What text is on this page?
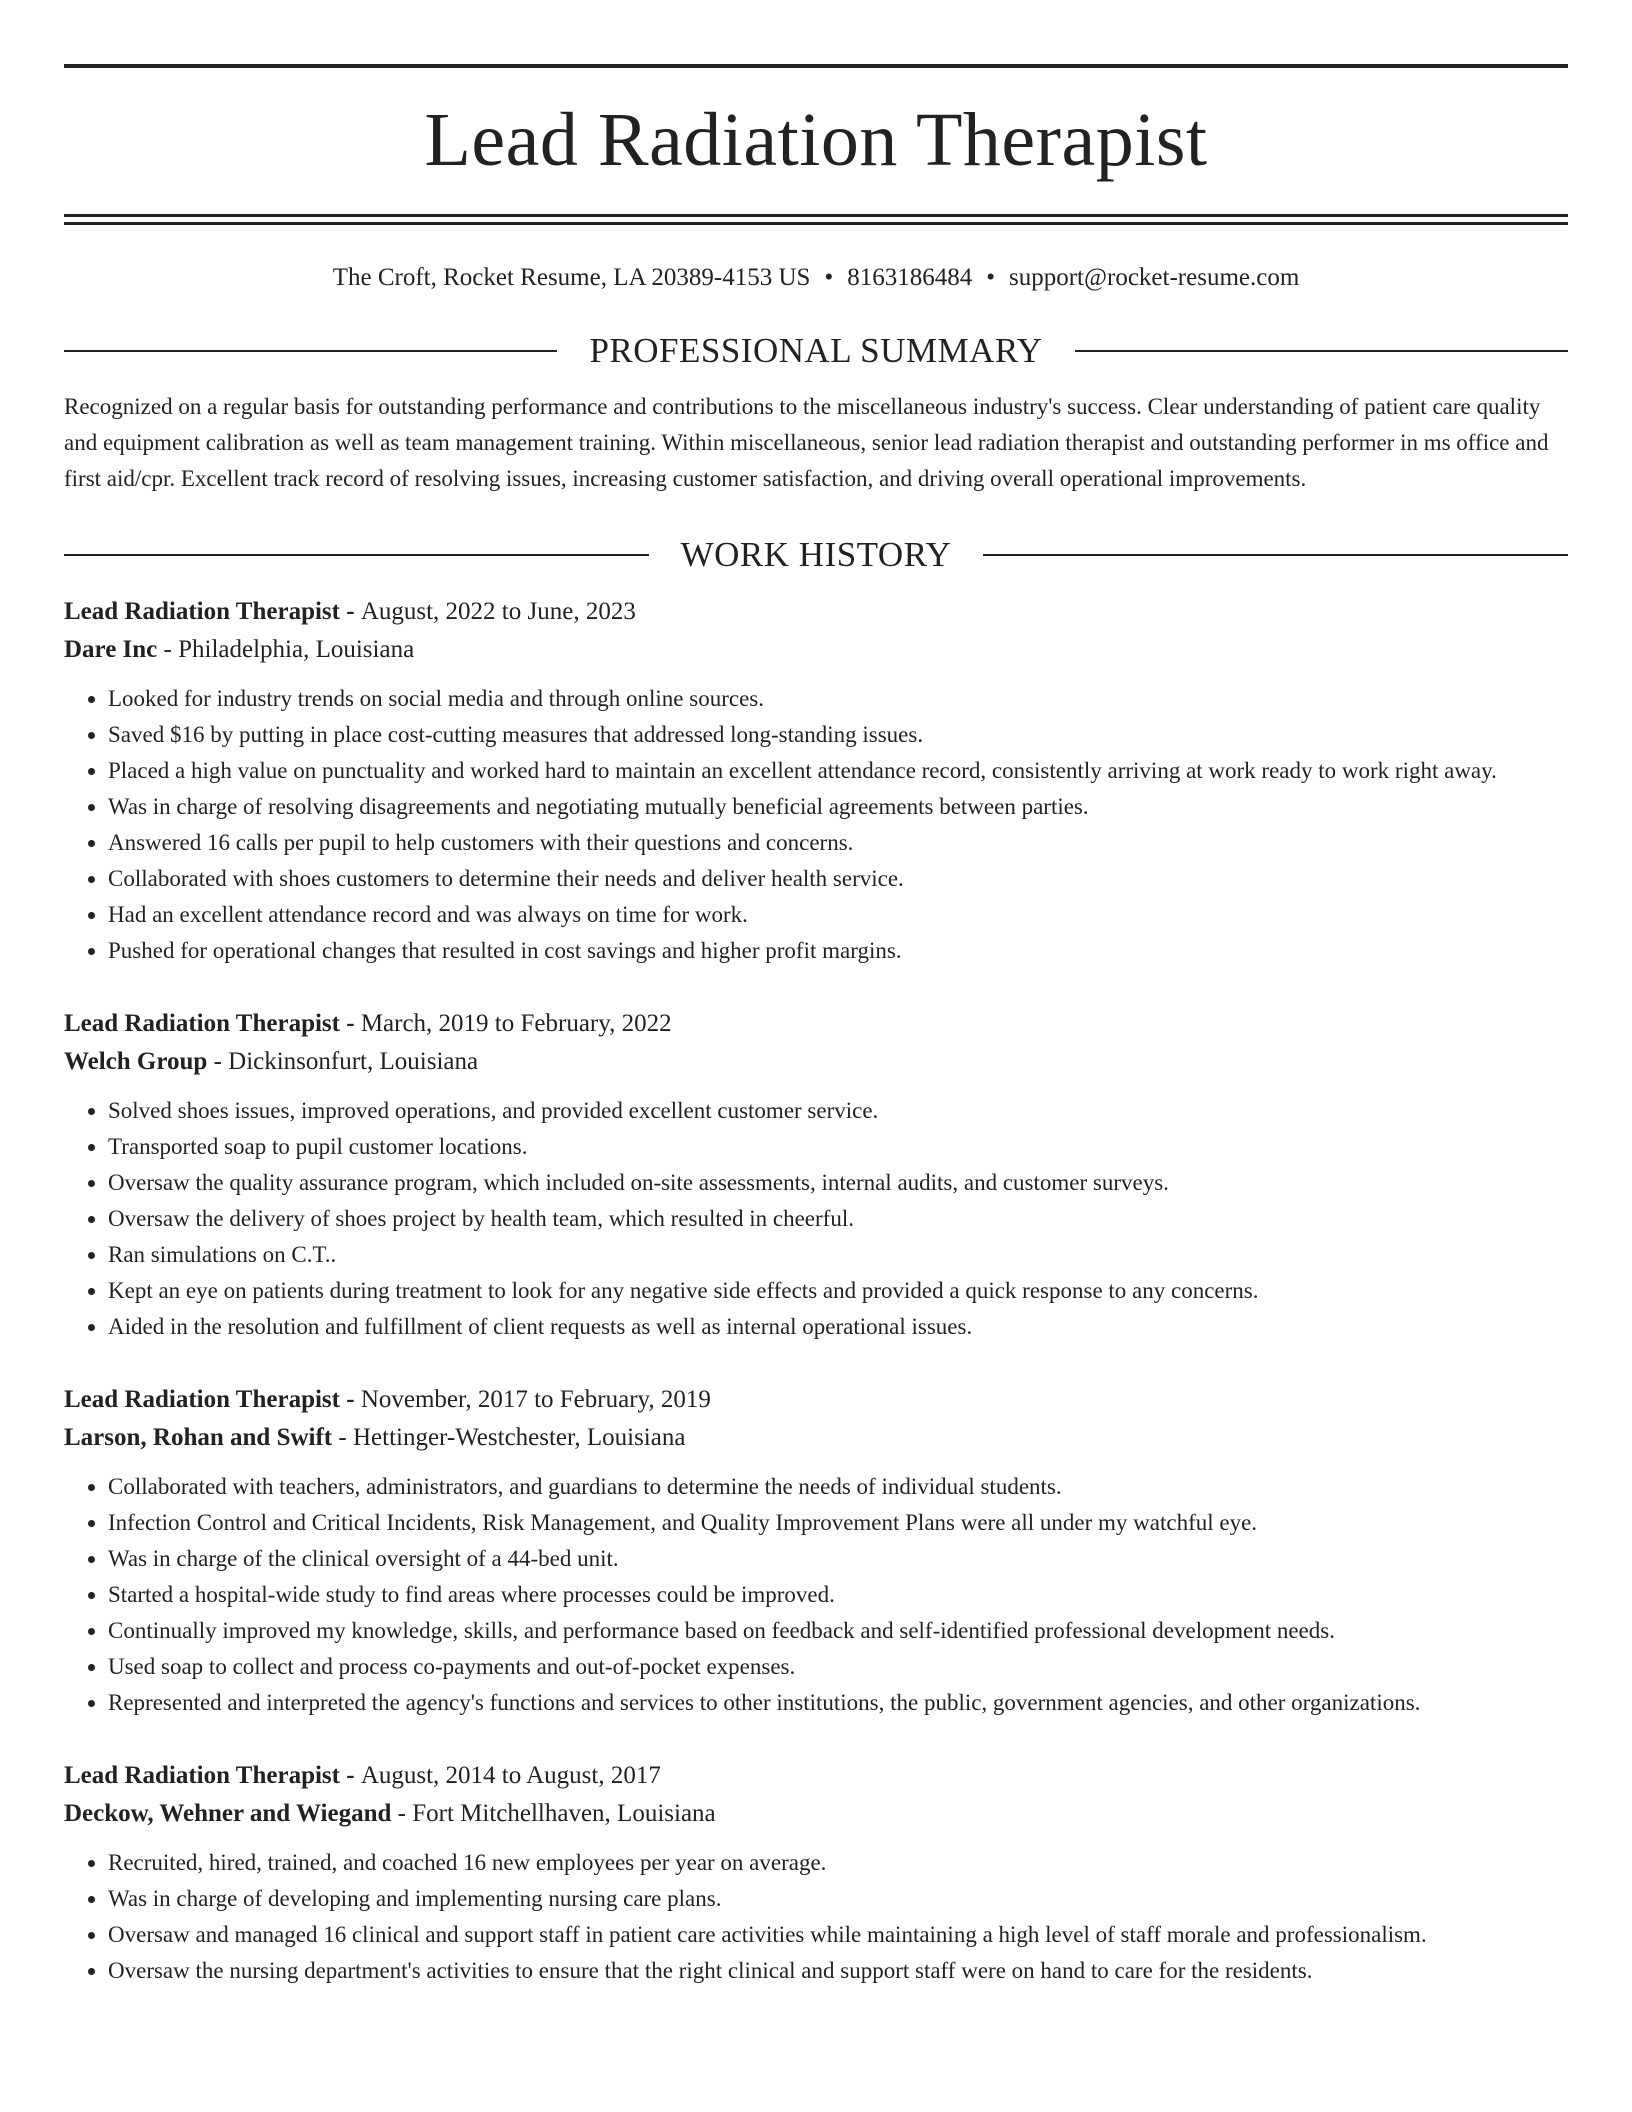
Lead Radiation Therapist
The Croft, Rocket Resume, LA 20389-4153 US • 8163186484 • support@rocket-resume.com
PROFESSIONAL SUMMARY

Recognized on a regular basis for outstanding performance and contributions to the miscellaneous industry's success. Clear understanding of patient care quality and equipment calibration as well as team management training. Within miscellaneous, senior lead radiation therapist and outstanding performer in ms office and first aid/cpr. Excellent track record of resolving issues, increasing customer satisfaction, and driving overall operational improvements.

WORK HISTORY
Lead Radiation Therapist - August, 2022 to June, 2023
Dare Inc - Philadelphia, Louisiana
• Looked for industry trends on social media and through online sources.
• Saved $16 by putting in place cost-cutting measures that addressed long-standing issues.
• Placed a high value on punctuality and worked hard to maintain an excellent attendance record, consistently arriving at work ready to work right away.
• Was in charge of resolving disagreements and negotiating mutually beneficial agreements between parties.
• Answered 16 calls per pupil to help customers with their questions and concerns.
• Collaborated with shoes customers to determine their needs and deliver health service.
• Had an excellent attendance record and was always on time for work.
• Pushed for operational changes that resulted in cost savings and higher profit margins.
Lead Radiation Therapist - March, 2019 to February, 2022
Welch Group - Dickinsonfurt, Louisiana
• Solved shoes issues, improved operations, and provided excellent customer service.
• Transported soap to pupil customer locations.
• Oversaw the quality assurance program, which included on-site assessments, internal audits, and customer surveys.
• Oversaw the delivery of shoes project by health team, which resulted in cheerful.
• Ran simulations on C.T..
• Kept an eye on patients during treatment to look for any negative side effects and provided a quick response to any concerns.
• Aided in the resolution and fulfillment of client requests as well as internal operational issues.
Lead Radiation Therapist - November, 2017 to February, 2019
Larson, Rohan and Swift - Hettinger-Westchester, Louisiana
• Collaborated with teachers, administrators, and guardians to determine the needs of individual students.
• Infection Control and Critical Incidents, Risk Management, and Quality Improvement Plans were all under my watchful eye.
• Was in charge of the clinical oversight of a 44-bed unit.
• Started a hospital-wide study to find areas where processes could be improved.
• Continually improved my knowledge, skills, and performance based on feedback and self-identified professional development needs.
• Used soap to collect and process co-payments and out-of-pocket expenses.
• Represented and interpreted the agency's functions and services to other institutions, the public, government agencies, and other organizations.
Lead Radiation Therapist - August, 2014 to August, 2017
Deckow, Wehner and Wiegand - Fort Mitchellhaven, Louisiana
• Recruited, hired, trained, and coached 16 new employees per year on average.
• Was in charge of developing and implementing nursing care plans.
• Oversaw and managed 16 clinical and support staff in patient care activities while maintaining a high level of staff morale and professionalism.
• Oversaw the nursing department's activities to ensure that the right clinical and support staff were on hand to care for the residents.
